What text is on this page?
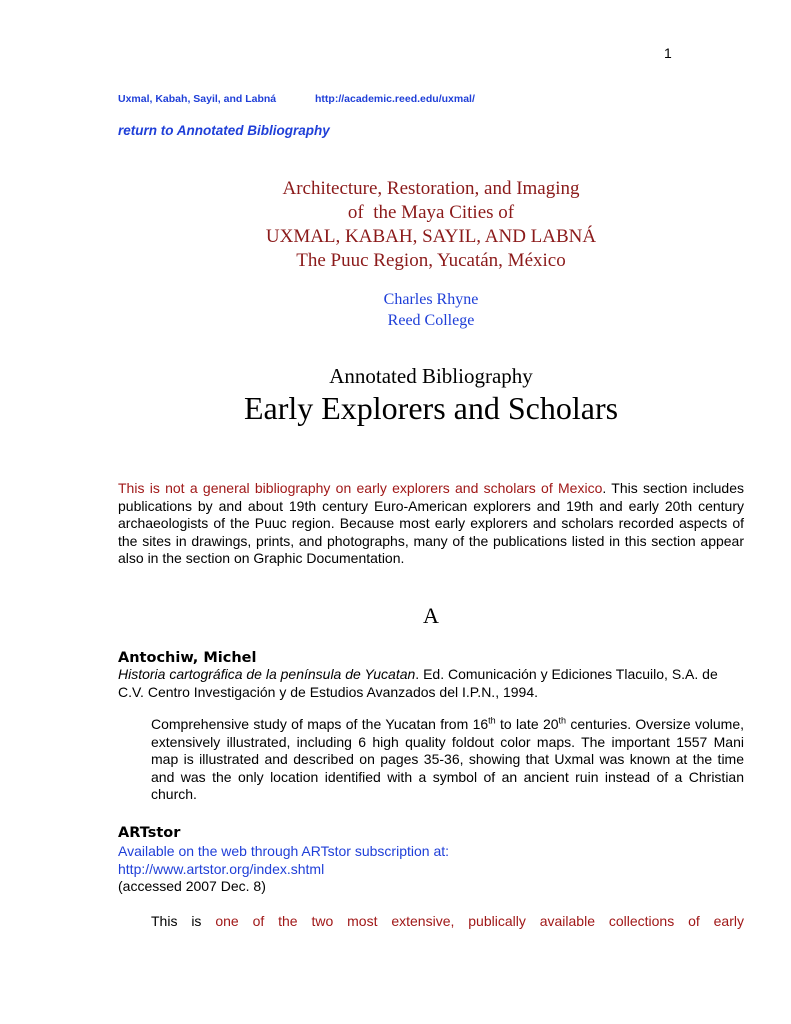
1
Uxmal, Kabah, Sayil, and Labná	http://academic.reed.edu/uxmal/
return to Annotated Bibliography
Architecture, Restoration, and Imaging
of  the Maya Cities of
UXMAL, KABAH, SAYIL, AND LABNÁ
The Puuc Region, Yucatán, México
Charles Rhyne
Reed College
Annotated Bibliography
Early Explorers and Scholars
This is not a general bibliography on early explorers and scholars of Mexico. This section includes publications by and about 19th century Euro-American explorers and 19th and early 20th century archaeologists of the Puuc region. Because most early explorers and scholars recorded aspects of the sites in drawings, prints, and photographs, many of the publications listed in this section appear also in the section on Graphic Documentation.
A
Antochiw, Michel
Historia cartográfica de la península de Yucatan. Ed. Comunicación y Ediciones Tlacuilo, S.A. de C.V. Centro Investigación y de Estudios Avanzados del I.P.N., 1994.
Comprehensive study of maps of the Yucatan from 16th to late 20th centuries. Oversize volume, extensively illustrated, including 6 high quality foldout color maps. The important 1557 Mani map is illustrated and described on pages 35-36, showing that Uxmal was known at the time and was the only location identified with a symbol of an ancient ruin instead of a Christian church.
ARTstor
Available on the web through ARTstor subscription at:
http://www.artstor.org/index.shtml
(accessed 2007 Dec. 8)
This is one of the two most extensive, publically available collections of early
